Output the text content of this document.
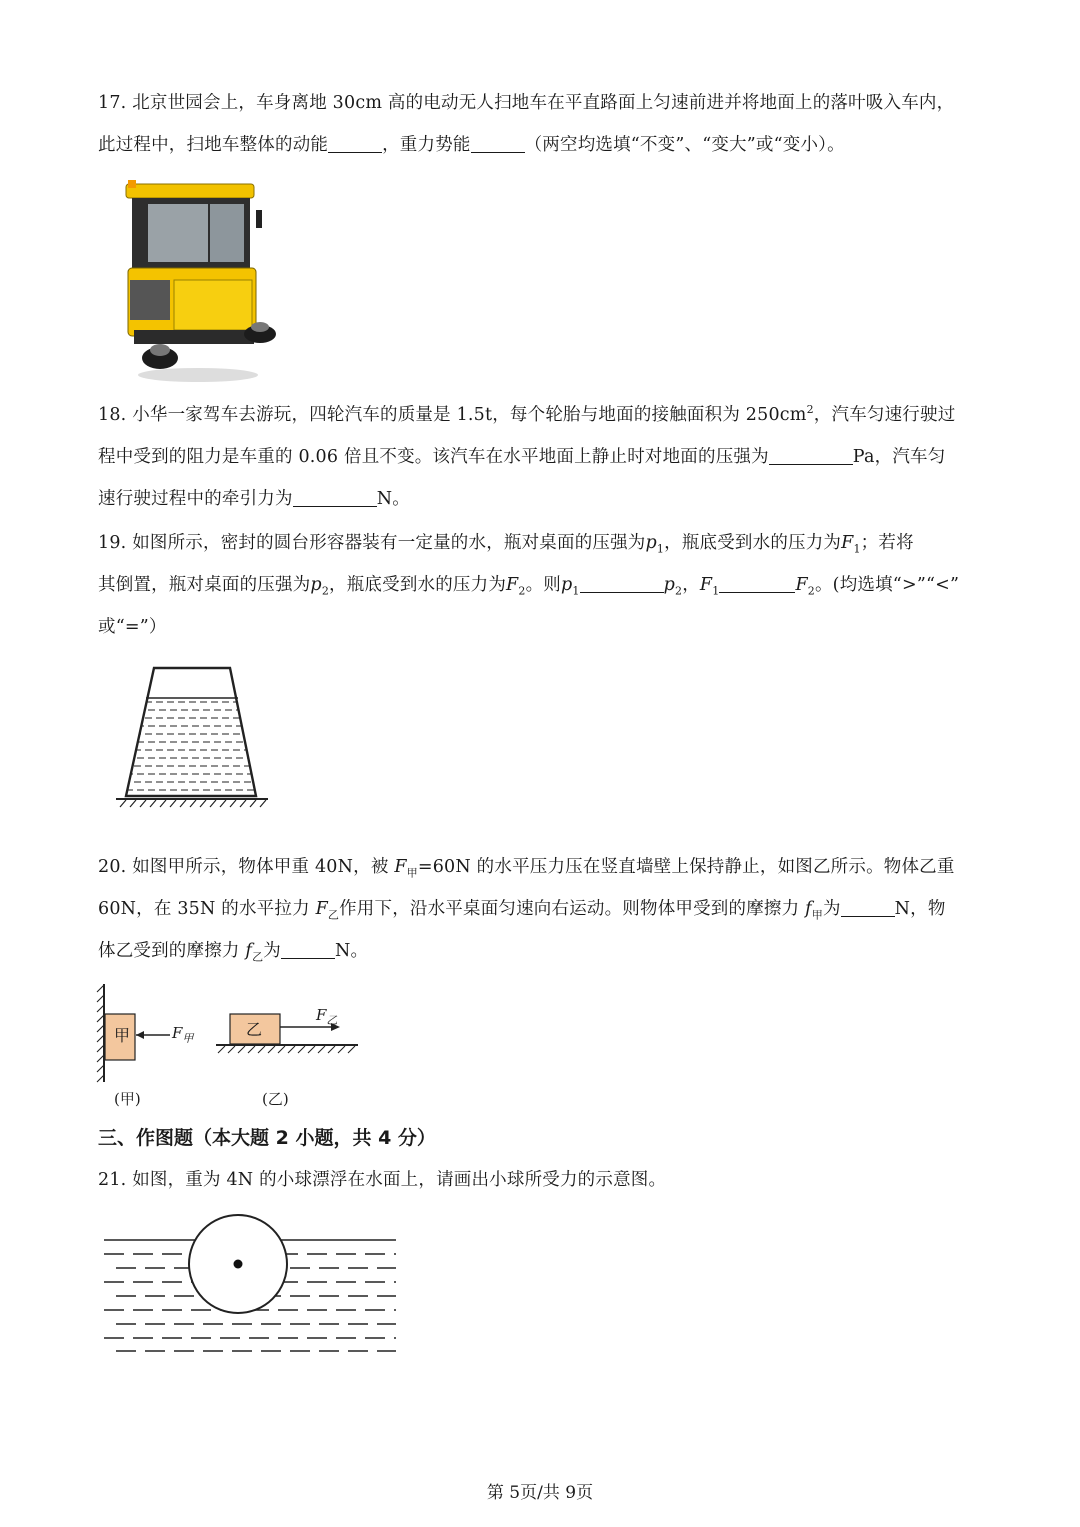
17. 北京世园会上，车身离地 30cm 高的电动无人扫地车在平直路面上匀速前进并将地面上的落叶吸入车内，
此过程中，扫地车整体的动能	，重力势能	（两空均选填“不变”、“变大”或“变小）。
18. 小华一家驾车去游玩，四轮汽车的质量是 1.5t，每个轮胎与地面的接触面积为 $250cm^2$，汽车匀速行驶过
程中受到的阻力是车重的 0.06 倍且不变。该汽车在水平地面上静止时对地面的压强为	Pa，汽车匀
速行驶过程中的牵引力为	N。
19. 如图所示，密封的圆台形容器装有一定量的水，瓶对桌面的压强为$p_1$，瓶底受到水的压力为$F_1$；若将
其倒置，瓶对桌面的压强为$p_2$，瓶底受到水的压力为$F_2$。则$p_1$	$p_2$，$F_1$	$F_2$。(均选填“>”“<”
或“=”）
20. 如图甲所示，物体甲重 40N，被 $F_甲=60N$ 的水平压力压在竖直墙壁上保持静止，如图乙所示。物体乙重
60N，在 35N 的水平拉力 $F_乙$作用下，沿水平桌面匀速向右运动。则物体甲受到的摩擦力 $f_甲$为	N，物
体乙受到的摩擦力 $f_乙$为	N。
甲	$F_甲$	乙
$F_乙$
(甲)	(乙)
三、作图题（本大题 2 小题，共 4 分）
21. 如图，重为 4N 的小球漂浮在水面上，请画出小球所受力的示意图。
第 5页/共 9页
